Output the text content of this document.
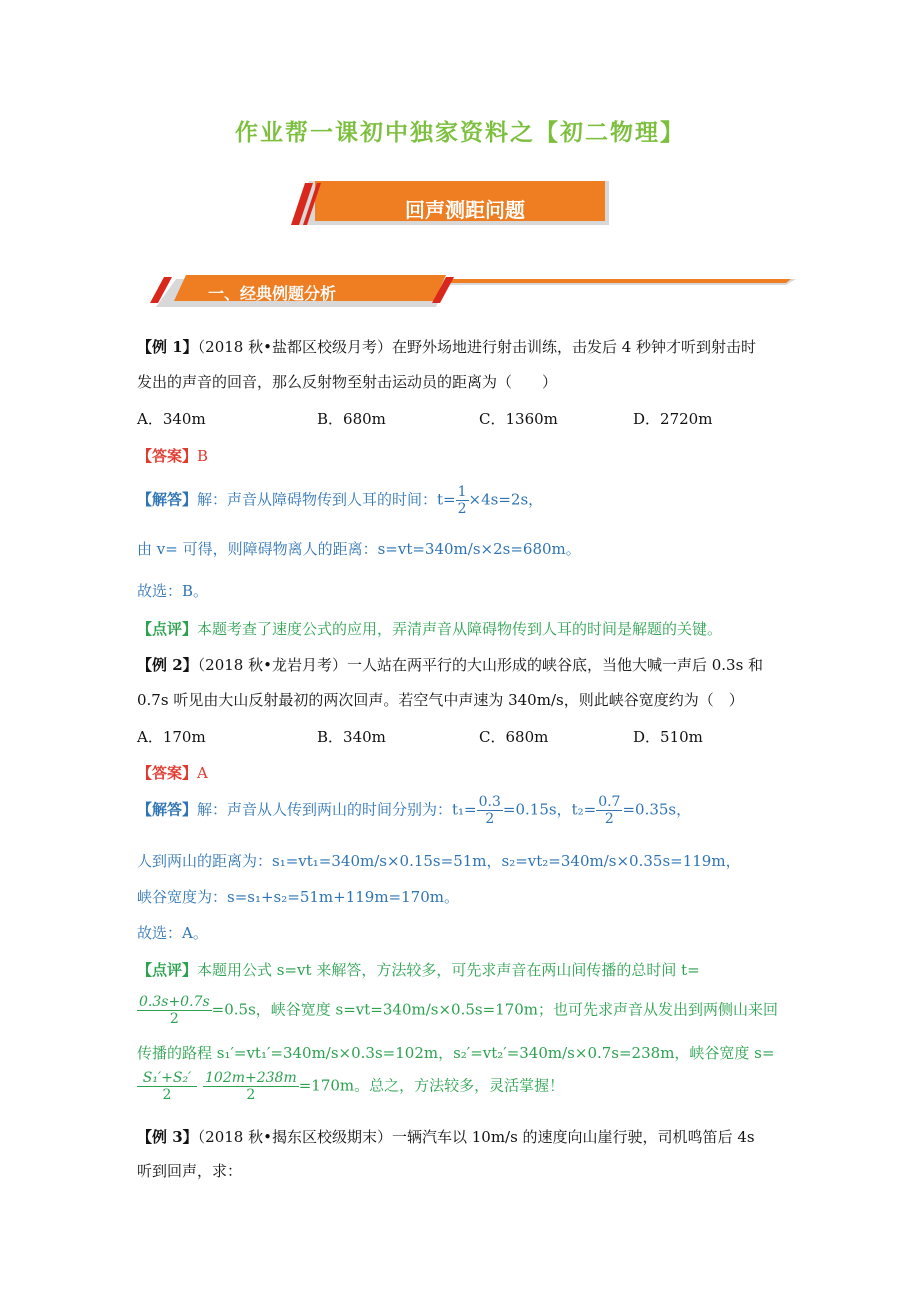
作业帮一课初中独家资料之【初二物理】
回声测距问题
一、经典例题分析
【例 1】（2018 秋•盐都区校级月考）在野外场地进行射击训练，击发后 4 秒钟才听到射击时
发出的声音的回音，那么反射物至射击运动员的距离为（　　）
A．340m	B．680m	C．1360m	D．2720m
【答案】B
【解答】解：声音从障碍物传到人耳的时间：$t= \frac{1}{2} \times 4s=2s$，
由 v= 可得，则障碍物离人的距离：s=vt=340m/s×2s=680m。
故选：B。
【点评】本题考查了速度公式的应用，弄清声音从障碍物传到人耳的时间是解题的关键。
【例 2】（2018 秋•龙岩月考）一人站在两平行的大山形成的峡谷底，当他大喊一声后 0.3s 和
0.7s 听见由大山反射最初的两次回声。若空气中声速为 340m/s，则此峡谷宽度约为（　）
A．170m	B．340m	C．680m	D．510m
【答案】A
【解答】解：声音从人传到两山的时间分别为：$t_1= \frac{0.3}{2} =0.15s$，$t_2= \frac{0.7}{2} =0.35s$，
人到两山的距离为：s₁=vt₁=340m/s×0.15s=51m，s₂=vt₂=340m/s×0.35s=119m，
峡谷宽度为：s=s₁+s₂=51m+119m=170m。
故选：A。
【点评】本题用公式 s=vt 来解答，方法较多，可先求声音在两山间传播的总时间 t=
$\frac{0.3s+0.7s}{2} =0.5s$，峡谷宽度 s=vt=340m/s×0.5s=170m；也可先求声音从发出到两侧山来回
传播的路程 s₁′=vt₁′=340m/s×0.3s=102m，s₂′=vt₂′=340m/s×0.7s=238m，峡谷宽度 s=
$\frac{\text{S₁′+S₂′}}{2} \frac{102m+238m}{2} =170m$。总之，方法较多，灵活掌握！
【例 3】（2018 秋•揭东区校级期末）一辆汽车以 10m/s 的速度向山崖行驶，司机鸣笛后 4s
听到回声，求：
